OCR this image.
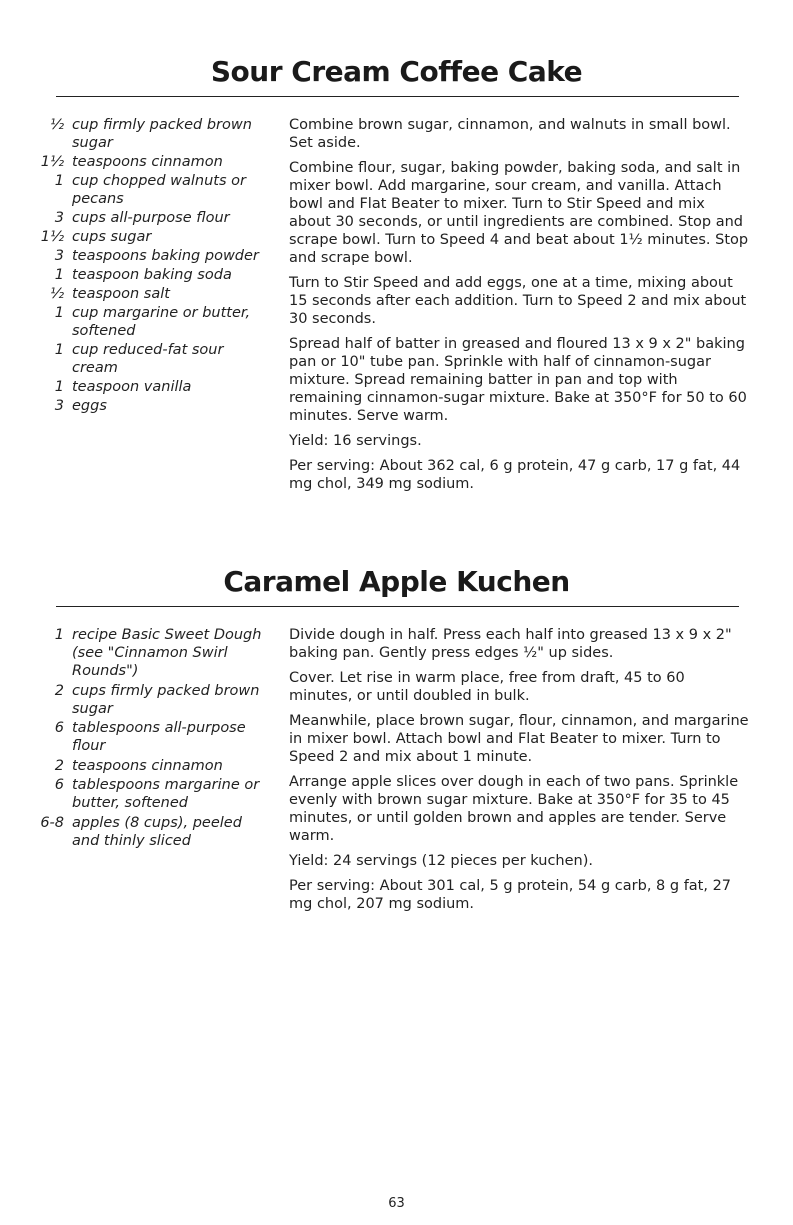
Sour Cream Coffee Cake
½ cup firmly packed brown sugar
1½ teaspoons cinnamon
1 cup chopped walnuts or pecans
3 cups all-purpose flour
1½ cups sugar
3 teaspoons baking powder
1 teaspoon baking soda
½ teaspoon salt
1 cup margarine or butter, softened
1 cup reduced-fat sour cream
1 teaspoon vanilla
3 eggs

Combine brown sugar, cinnamon, and walnuts in small bowl. Set aside.

Combine flour, sugar, baking powder, baking soda, and salt in mixer bowl. Add margarine, sour cream, and vanilla. Attach bowl and Flat Beater to mixer. Turn to Stir Speed and mix about 30 seconds, or until ingredients are combined. Stop and scrape bowl. Turn to Speed 4 and beat about 1½ minutes. Stop and scrape bowl.

Turn to Stir Speed and add eggs, one at a time, mixing about 15 seconds after each addition. Turn to Speed 2 and mix about 30 seconds.

Spread half of batter in greased and floured 13 x 9 x 2" baking pan or 10" tube pan. Sprinkle with half of cinnamon-sugar mixture. Spread remaining batter in pan and top with remaining cinnamon-sugar mixture. Bake at 350°F for 50 to 60 minutes. Serve warm.

Yield: 16 servings.

Per serving: About 362 cal, 6 g protein, 47 g carb, 17 g fat, 44 mg chol, 349 mg sodium.

Caramel Apple Kuchen
1 recipe Basic Sweet Dough (see "Cinnamon Swirl Rounds")
2 cups firmly packed brown sugar
6 tablespoons all-purpose flour
2 teaspoons cinnamon
6 tablespoons margarine or butter, softened
6-8 apples (8 cups), peeled and thinly sliced

Divide dough in half. Press each half into greased 13 x 9 x 2" baking pan. Gently press edges ½" up sides.

Cover. Let rise in warm place, free from draft, 45 to 60 minutes, or until doubled in bulk.

Meanwhile, place brown sugar, flour, cinnamon, and margarine in mixer bowl. Attach bowl and Flat Beater to mixer. Turn to Speed 2 and mix about 1 minute.

Arrange apple slices over dough in each of two pans. Sprinkle evenly with brown sugar mixture. Bake at 350°F for 35 to 45 minutes, or until golden brown and apples are tender. Serve warm.

Yield: 24 servings (12 pieces per kuchen).

Per serving: About 301 cal, 5 g protein, 54 g carb, 8 g fat, 27 mg chol, 207 mg sodium.

63
